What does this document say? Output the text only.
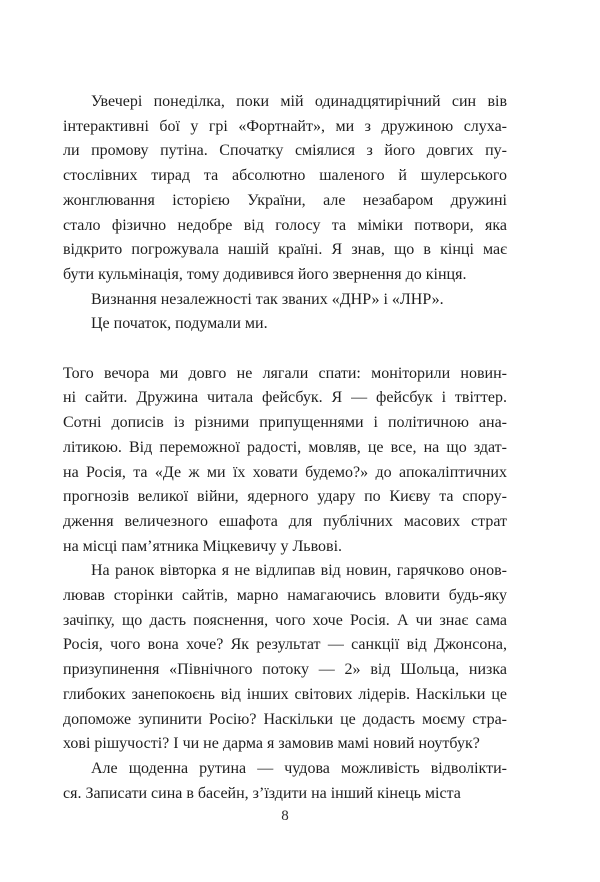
Увечері понеділка, поки мій одинадцятирічний син вів
інтерактивні бої у грі «Фортнайт», ми з дружиною слуха-
ли промову путіна. Спочатку сміялися з його довгих пу-
стослівних тирад та абсолютно шаленого й шулерського
жонглювання історією України, але незабаром дружині
стало фізично недобре від голосу та міміки потвори, яка
відкрито погрожувала нашій країні. Я знав, що в кінці має
бути кульмінація, тому додивився його звернення до кінця.

Визнання незалежності так званих «ДНР» і «ЛНР».

Це початок, подумали ми.

Того вечора ми довго не лягали спати: моніторили новин-
ні сайти. Дружина читала фейсбук. Я — фейсбук і твіттер.
Сотні дописів із різними припущеннями і політичною ана-
літикою. Від переможної радості, мовляв, це все, на що здат-
на Росія, та «Де ж ми їх ховати будемо?» до апокаліптичних
прогнозів великої війни, ядерного удару по Києву та спору-
дження величезного ешафота для публічних масових страт
на місці пам’ятника Міцкевичу у Львові.

На ранок вівторка я не відлипав від новин, гарячково онов-
лював сторінки сайтів, марно намагаючись вловити будь-яку
зачіпку, що дасть пояснення, чого хоче Росія. А чи знає сама
Росія, чого вона хоче? Як результат — санкції від Джонсона,
призупинення «Північного потоку — 2» від Шольца, низка
глибоких занепокоєнь від інших світових лідерів. Наскільки це
допоможе зупинити Росію? Наскільки це додасть моєму стра-
хові рішучості? І чи не дарма я замовив мамі новий ноутбук?

Але щоденна рутина — чудова можливість відволікти-
ся. Записати сина в басейн, з’їздити на інший кінець міста

8
